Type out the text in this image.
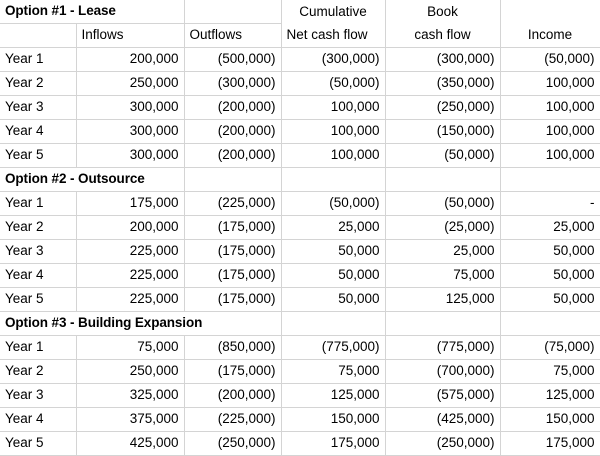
Option #1 - Lease			Cumulative	Book	
	Inflows	Outflows	Net cash flow	cash flow	Income
Year 1	200,000	(500,000)	(300,000)	(300,000)	(50,000)
Year 2	250,000	(300,000)	(50,000)	(350,000)	100,000
Year 3	300,000	(200,000)	100,000	(250,000)	100,000
Year 4	300,000	(200,000)	100,000	(150,000)	100,000
Year 5	300,000	(200,000)	100,000	(50,000)	100,000
Option #2 - Outsource					
Year 1	175,000	(225,000)	(50,000)	(50,000)	-
Year 2	200,000	(175,000)	25,000	(25,000)	25,000
Year 3	225,000	(175,000)	50,000	25,000	50,000
Year 4	225,000	(175,000)	50,000	75,000	50,000
Year 5	225,000	(175,000)	50,000	125,000	50,000
Option #3 - Building Expansion					
Year 1	75,000	(850,000)	(775,000)	(775,000)	(75,000)
Year 2	250,000	(175,000)	75,000	(700,000)	75,000
Year 3	325,000	(200,000)	125,000	(575,000)	125,000
Year 4	375,000	(225,000)	150,000	(425,000)	150,000
Year 5	425,000	(250,000)	175,000	(250,000)	175,000
